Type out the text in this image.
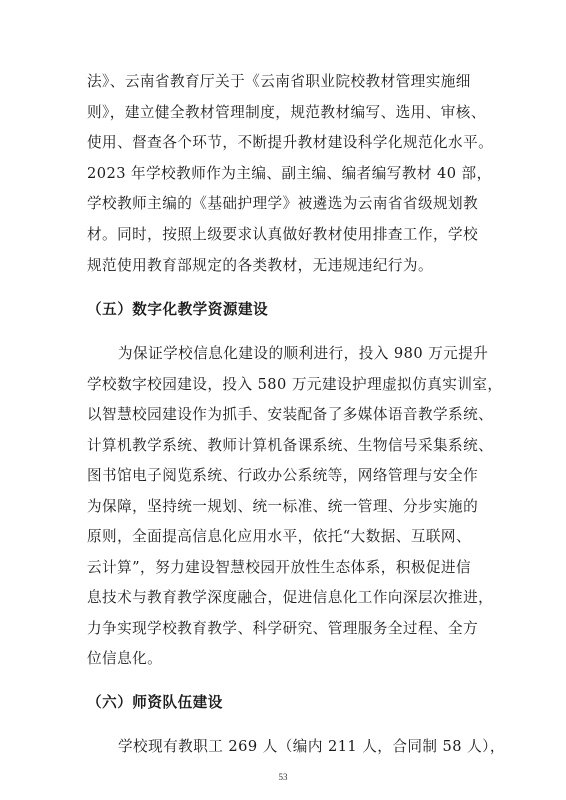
法》、云南省教育厅关于《云南省职业院校教材管理实施细
则》，建立健全教材管理制度，规范教材编写、选用、审核、
使用、督查各个环节，不断提升教材建设科学化规范化水平。
2023 年学校教师作为主编、副主编、编者编写教材 40 部，
学校教师主编的《基础护理学》被遴选为云南省省级规划教
材。同时，按照上级要求认真做好教材使用排查工作，学校
规范使用教育部规定的各类教材，无违规违纪行为。
（五）数字化教学资源建设
为保证学校信息化建设的顺利进行，投入 980 万元提升
学校数字校园建设，投入 580 万元建设护理虚拟仿真实训室，
以智慧校园建设作为抓手、安装配备了多媒体语音教学系统、
计算机教学系统、教师计算机备课系统、生物信号采集系统、
图书馆电子阅览系统、行政办公系统等，网络管理与安全作
为保障，坚持统一规划、统一标准、统一管理、分步实施的
原则，全面提高信息化应用水平，依托“大数据、互联网、
云计算”，努力建设智慧校园开放性生态体系，积极促进信
息技术与教育教学深度融合，促进信息化工作向深层次推进，
力争实现学校教育教学、科学研究、管理服务全过程、全方
位信息化。
（六）师资队伍建设
学校现有教职工 269 人（编内 211 人，合同制 58 人），
53
